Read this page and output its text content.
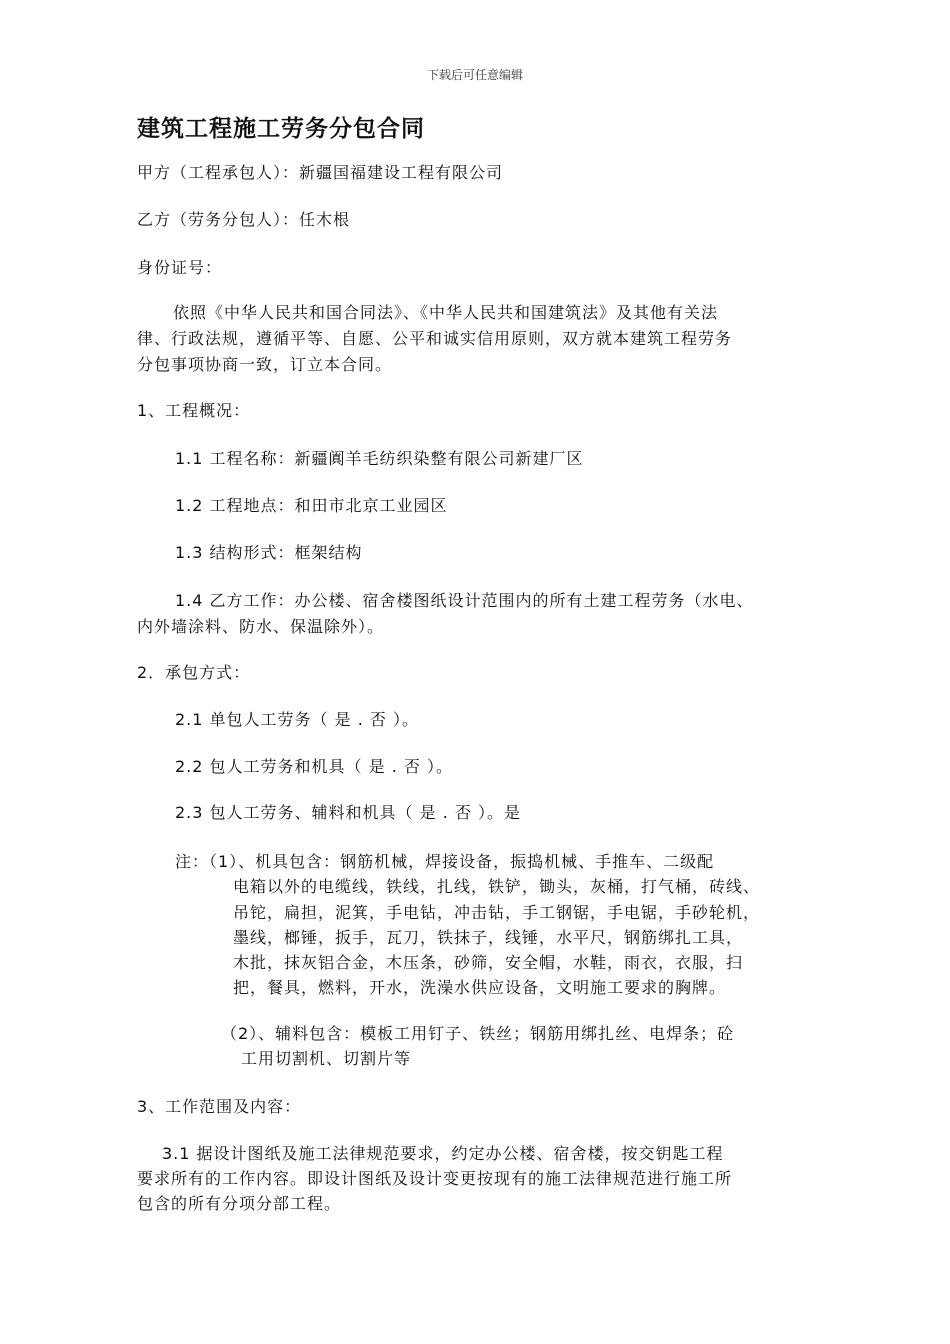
下载后可任意编辑
建筑工程施工劳务分包合同
甲方（工程承包人）：新疆国福建设工程有限公司
乙方（劳务分包人）：任木根
身份证号：
依照《中华人民共和国合同法》、《中华人民共和国建筑法》及其他有关法
律、行政法规，遵循平等、自愿、公平和诚实信用原则，双方就本建筑工程劳务
分包事项协商一致，订立本合同。
1、工程概况：
1.1 工程名称：新疆阗羊毛纺织染整有限公司新建厂区
1.2 工程地点：和田市北京工业园区
1.3 结构形式：框架结构
1.4 乙方工作：办公楼、宿舍楼图纸设计范围内的所有土建工程劳务（水电、
内外墙涂料、防水、保温除外）。
2．承包方式：
2.1 单包人工劳务（ 是 . 否 ）。
2.2 包人工劳务和机具（ 是 . 否 ）。
2.3 包人工劳务、辅料和机具（ 是 . 否 ）。是
注：（1）、机具包含：钢筋机械，焊接设备，振捣机械、手推车、二级配
电箱以外的电缆线，铁线，扎线，铁铲，锄头，灰桶，打气桶，砖线、
吊铊，扁担，泥箕，手电钻，冲击钻，手工钢锯，手电锯，手砂轮机，
墨线，榔锤，扳手，瓦刀，铁抹子，线锤，水平尺，钢筋绑扎工具，
木批，抹灰铝合金，木压条，砂筛，安全帽，水鞋，雨衣，衣服，扫
把，餐具，燃料，开水，洗澡水供应设备，文明施工要求的胸牌。
（2）、辅料包含：模板工用钉子、铁丝；钢筋用绑扎丝、电焊条；砼
工用切割机、切割片等
3、工作范围及内容：
3.1 据设计图纸及施工法律规范要求，约定办公楼、宿舍楼，按交钥匙工程
要求所有的工作内容。即设计图纸及设计变更按现有的施工法律规范进行施工所
包含的所有分项分部工程。
